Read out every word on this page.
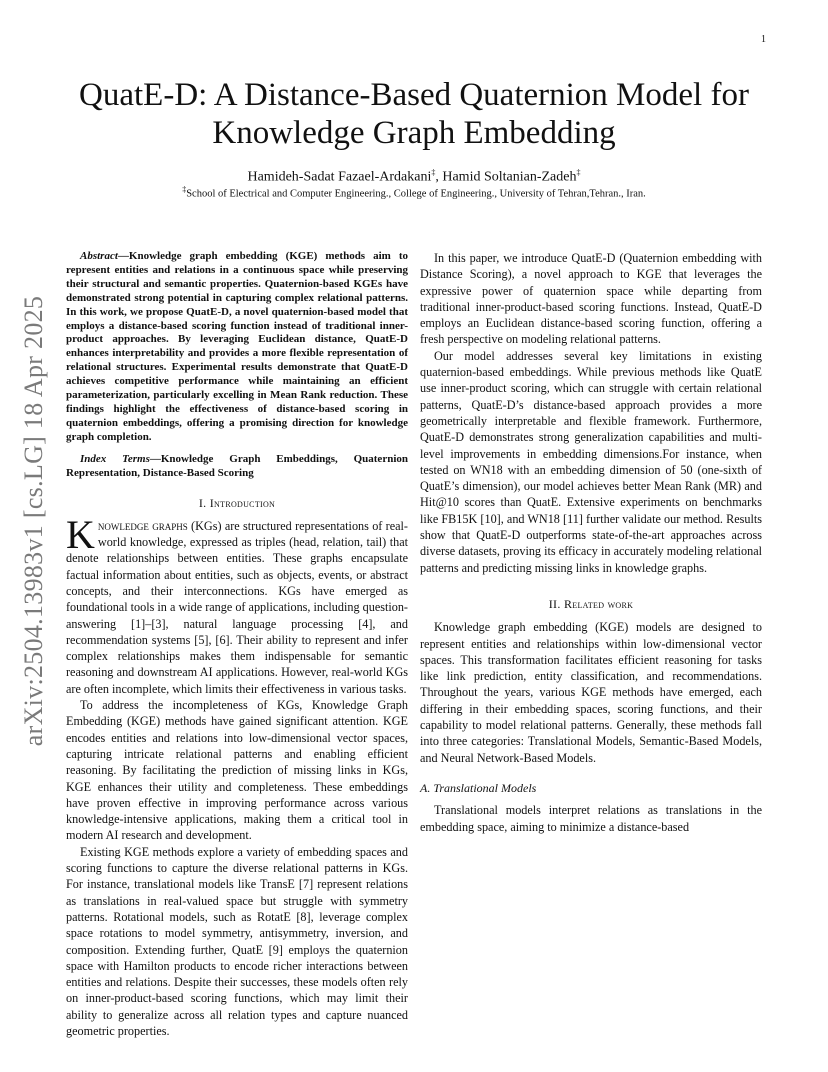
1
arXiv:2504.13983v1 [cs.LG] 18 Apr 2025
QuatE-D: A Distance-Based Quaternion Model for Knowledge Graph Embedding
Hamideh-Sadat Fazael-Ardakani‡, Hamid Soltanian-Zadeh‡
‡School of Electrical and Computer Engineering., College of Engineering., University of Tehran,Tehran., Iran.

Abstract—Knowledge graph embedding (KGE) methods aim to represent entities and relations in a continuous space while preserving their structural and semantic properties. Quaternion-based KGEs have demonstrated strong potential in capturing complex relational patterns. In this work, we propose QuatE-D, a novel quaternion-based model that employs a distance-based scoring function instead of traditional inner-product approaches. By leveraging Euclidean distance, QuatE-D enhances interpretability and provides a more flexible representation of relational structures. Experimental results demonstrate that QuatE-D achieves competitive performance while maintaining an efficient parameterization, particularly excelling in Mean Rank reduction. These findings highlight the effectiveness of distance-based scoring in quaternion embeddings, offering a promising direction for knowledge graph completion.

Index Terms—Knowledge Graph Embeddings, Quaternion Representation, Distance-Based Scoring

I. Introduction

Knowledge graphs (KGs) are structured representations of real-world knowledge, expressed as triples (head, relation, tail) that denote relationships between entities. These graphs encapsulate factual information about entities, such as objects, events, or abstract concepts, and their interconnections. KGs have emerged as foundational tools in a wide range of applications, including question-answering [1]–[3], natural language processing [4], and recommendation systems [5], [6]. Their ability to represent and infer complex relationships makes them indispensable for semantic reasoning and downstream AI applications. However, real-world KGs are often incomplete, which limits their effectiveness in various tasks.

To address the incompleteness of KGs, Knowledge Graph Embedding (KGE) methods have gained significant attention. KGE encodes entities and relations into low-dimensional vector spaces, capturing intricate relational patterns and enabling efficient reasoning. By facilitating the prediction of missing links in KGs, KGE enhances their utility and completeness. These embeddings have proven effective in improving performance across various knowledge-intensive applications, making them a critical tool in modern AI research and development.

Existing KGE methods explore a variety of embedding spaces and scoring functions to capture the diverse relational patterns in KGs. For instance, translational models like TransE [7] represent relations as translations in real-valued space but struggle with symmetry patterns. Rotational models, such as RotatE [8], leverage complex space rotations to model symmetry, antisymmetry, inversion, and composition. Extending further, QuatE [9] employs the quaternion space with Hamilton products to encode richer interactions between entities and relations. Despite their successes, these models often rely on inner-product-based scoring functions, which may limit their ability to generalize across all relation types and capture nuanced geometric properties.

In this paper, we introduce QuatE-D (Quaternion embedding with Distance Scoring), a novel approach to KGE that leverages the expressive power of quaternion space while departing from traditional inner-product-based scoring functions. Instead, QuatE-D employs an Euclidean distance-based scoring function, offering a fresh perspective on modeling relational patterns.

Our model addresses several key limitations in existing quaternion-based embeddings. While previous methods like QuatE use inner-product scoring, which can struggle with certain relational patterns, QuatE-D’s distance-based approach provides a more geometrically interpretable and flexible framework. Furthermore, QuatE-D demonstrates strong generalization capabilities and multi-level improvements in embedding dimensions.For instance, when tested on WN18 with an embedding dimension of 50 (one-sixth of QuatE’s dimension), our model achieves better Mean Rank (MR) and Hit@10 scores than QuatE. Extensive experiments on benchmarks like FB15K [10], and WN18 [11] further validate our method. Results show that QuatE-D outperforms state-of-the-art approaches across diverse datasets, proving its efficacy in accurately modeling relational patterns and predicting missing links in knowledge graphs.

II. Related work

Knowledge graph embedding (KGE) models are designed to represent entities and relationships within low-dimensional vector spaces. This transformation facilitates efficient reasoning for tasks like link prediction, entity classification, and recommendations. Throughout the years, various KGE methods have emerged, each differing in their embedding spaces, scoring functions, and their capability to model relational patterns. Generally, these methods fall into three categories: Translational Models, Semantic-Based Models, and Neural Network-Based Models.

A. Translational Models

Translational models interpret relations as translations in the embedding space, aiming to minimize a distance-based
